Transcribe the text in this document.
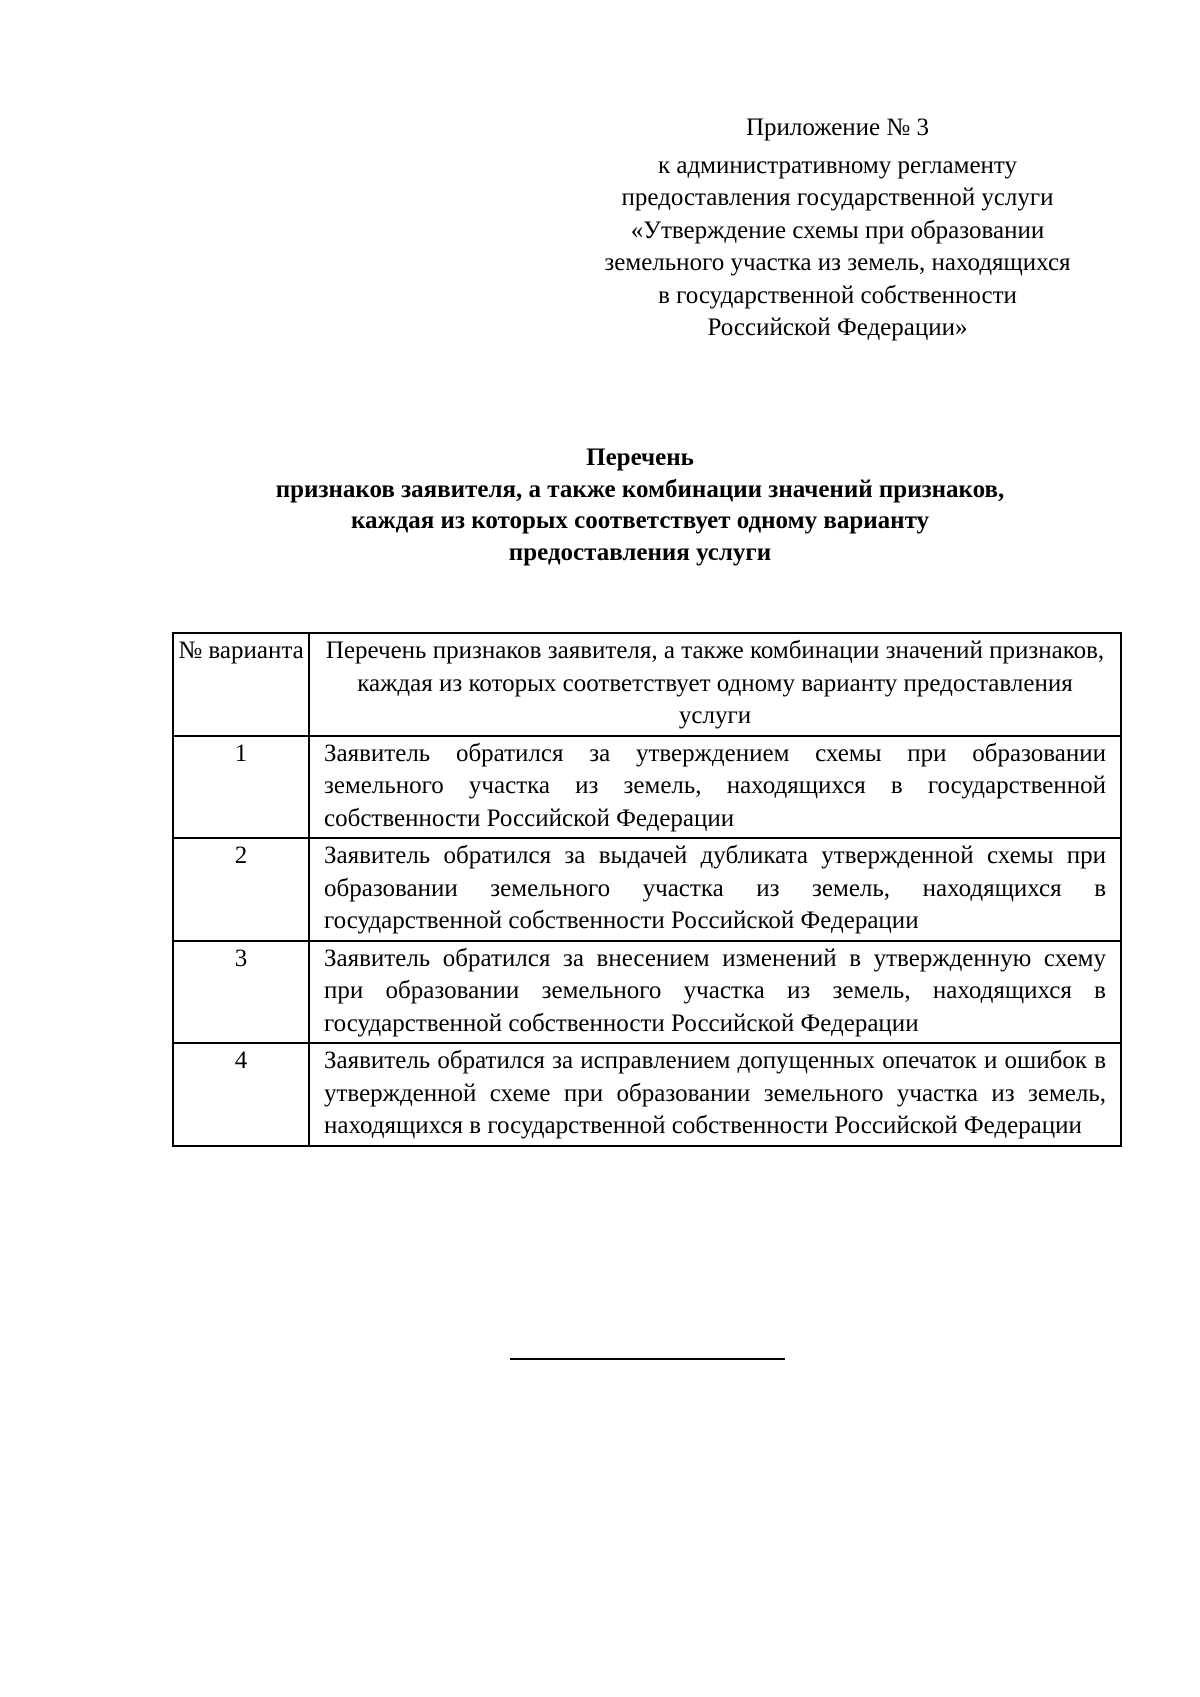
Приложение № 3
к административному регламенту
предоставления государственной услуги
«Утверждение схемы при образовании
земельного участка из земель, находящихся
в государственной собственности
Российской Федерации»
Перечень
признаков заявителя, а также комбинации значений признаков,
каждая из которых соответствует одному варианту
предоставления услуги
№ варианта	Перечень признаков заявителя, а также комбинации значений признаков, каждая из которых соответствует одному варианту предоставления услуги
1	Заявитель обратился за утверждением схемы при образовании земельного участка из земель, находящихся в государственной собственности Российской Федерации
2	Заявитель обратился за выдачей дубликата утвержденной схемы при образовании земельного участка из земель, находящихся в государственной собственности Российской Федерации
3	Заявитель обратился за внесением изменений в утвержденную схему при образовании земельного участка из земель, находящихся в государственной собственности Российской Федерации
4	Заявитель обратился за исправлением допущенных опечаток и ошибок в утвержденной схеме при образовании земельного участка из земель, находящихся в государственной собственности Российской Федерации
